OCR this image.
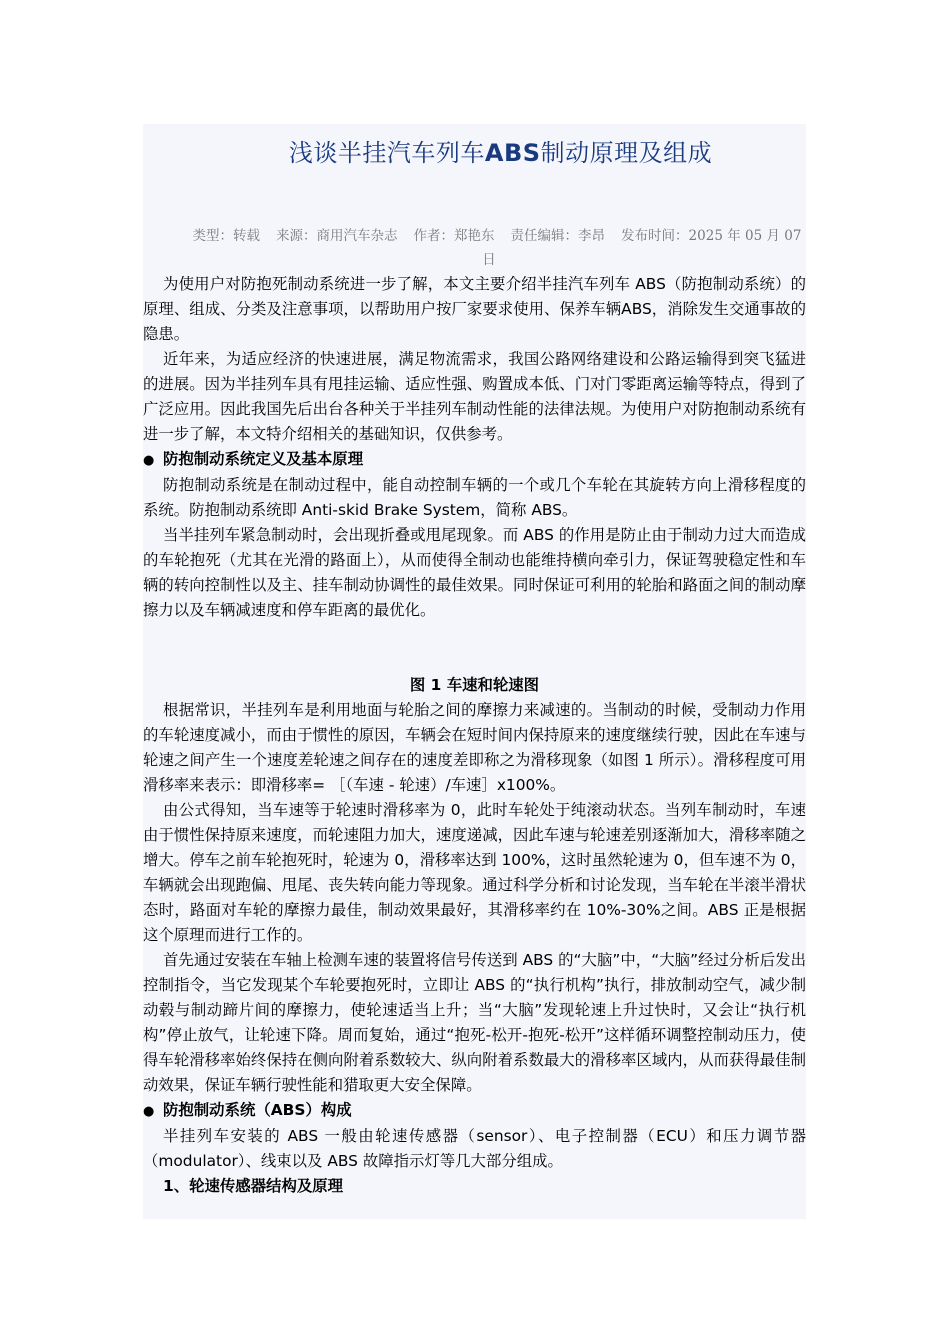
浅谈半挂汽车列车ABS制动原理及组成
类型：转载 来源：商用汽车杂志 作者：郑艳东 责任编辑：李昂 发布时间：2025 年 05 月 07 日

为使用户对防抱死制动系统进一步了解，本文主要介绍半挂汽车列车 ABS（防抱制动系统）的原理、组成、分类及注意事项，以帮助用户按厂家要求使用、保养车辆ABS，消除发生交通事故的隐患。

近年来，为适应经济的快速进展，满足物流需求，我国公路网络建设和公路运输得到突飞猛进的进展。因为半挂列车具有甩挂运输、适应性强、购置成本低、门对门零距离运输等特点，得到了广泛应用。因此我国先后出台各种关于半挂列车制动性能的法律法规。为使用户对防抱制动系统有进一步了解，本文特介绍相关的基础知识，仅供参考。

● 防抱制动系统定义及基本原理

防抱制动系统是在制动过程中，能自动控制车辆的一个或几个车轮在其旋转方向上滑移程度的系统。防抱制动系统即 Anti-skid Brake System，简称 ABS。

当半挂列车紧急制动时，会出现折叠或甩尾现象。而 ABS 的作用是防止由于制动力过大而造成的车轮抱死（尤其在光滑的路面上），从而使得全制动也能维持横向牵引力，保证驾驶稳定性和车辆的转向控制性以及主、挂车制动协调性的最佳效果。同时保证可利用的轮胎和路面之间的制动摩擦力以及车辆减速度和停车距离的最优化。

图 1 车速和轮速图

根据常识，半挂列车是利用地面与轮胎之间的摩擦力来减速的。当制动的时候，受制动力作用的车轮速度减小，而由于惯性的原因，车辆会在短时间内保持原来的速度继续行驶，因此在车速与轮速之间产生一个速度差轮速之间存在的速度差即称之为滑移现象（如图 1 所示）。滑移程度可用滑移率来表示：即滑移率= ［（车速 - 轮速）/车速］x100%。

由公式得知，当车速等于轮速时滑移率为 0，此时车轮处于纯滚动状态。当列车制动时，车速由于惯性保持原来速度，而轮速阻力加大，速度递减，因此车速与轮速差别逐渐加大，滑移率随之增大。停车之前车轮抱死时，轮速为 0，滑移率达到 100%，这时虽然轮速为 0，但车速不为 0，车辆就会出现跑偏、甩尾、丧失转向能力等现象。通过科学分析和讨论发现，当车轮在半滚半滑状态时，路面对车轮的摩擦力最佳，制动效果最好，其滑移率约在 10%-30%之间。ABS 正是根据这个原理而进行工作的。

首先通过安装在车轴上检测车速的装置将信号传送到 ABS 的“大脑”中，“大脑”经过分析后发出控制指令，当它发现某个车轮要抱死时，立即让 ABS 的“执行机构”执行，排放制动空气，减少制动毂与制动蹄片间的摩擦力，使轮速适当上升；当“大脑”发现轮速上升过快时，又会让“执行机构”停止放气，让轮速下降。周而复始，通过“抱死-松开-抱死-松开”这样循环调整控制动压力，使得车轮滑移率始终保持在侧向附着系数较大、纵向附着系数最大的滑移率区域内，从而获得最佳制动效果，保证车辆行驶性能和猎取更大安全保障。

● 防抱制动系统（ABS）构成

半挂列车安装的 ABS 一般由轮速传感器（sensor）、电子控制器（ECU）和压力调节器（modulator）、线束以及 ABS 故障指示灯等几大部分组成。

1、轮速传感器结构及原理
